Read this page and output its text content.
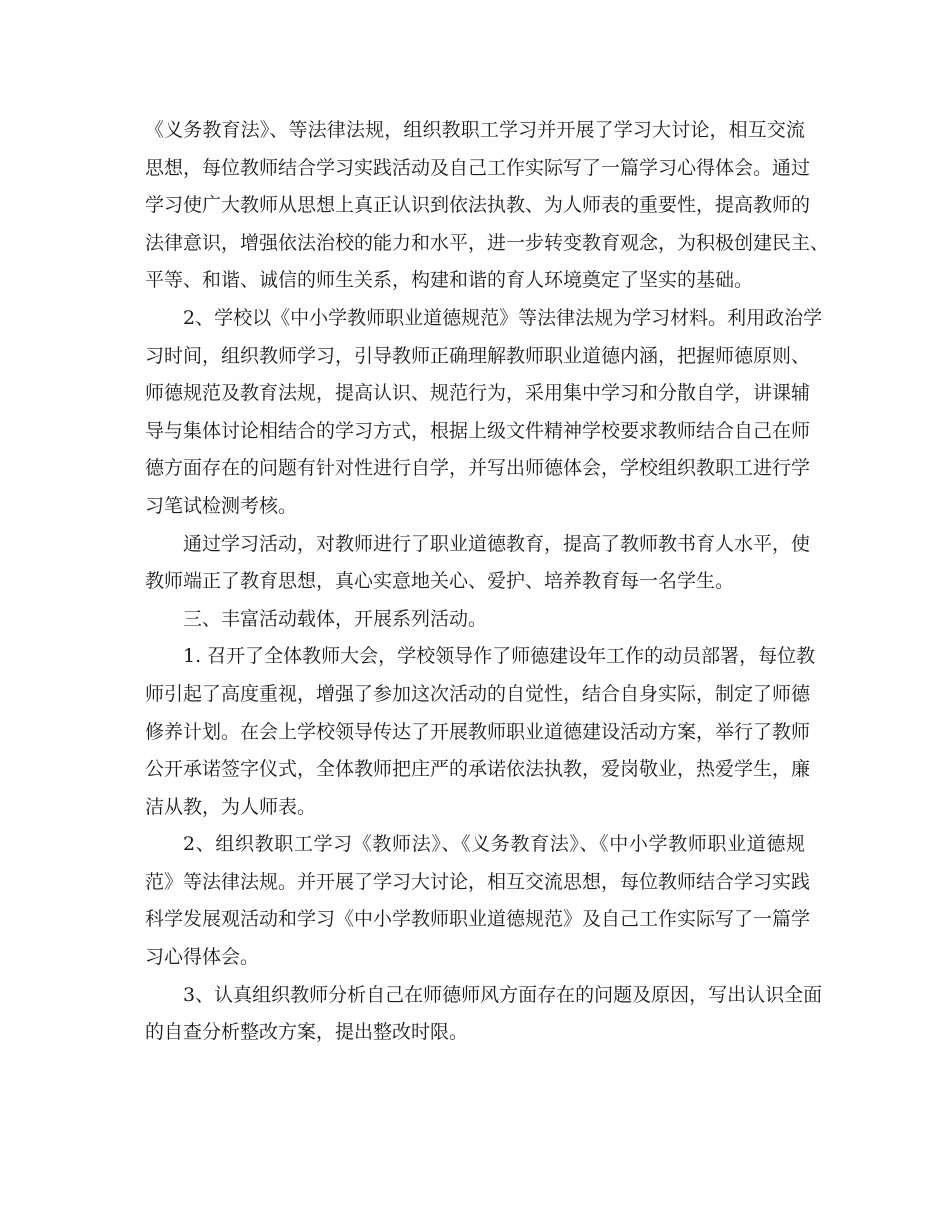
《义务教育法》、等法律法规，组织教职工学习并开展了学习大讨论，相互交流
思想，每位教师结合学习实践活动及自己工作实际写了一篇学习心得体会。通过
学习使广大教师从思想上真正认识到依法执教、为人师表的重要性，提高教师的
法律意识，增强依法治校的能力和水平，进一步转变教育观念，为积极创建民主、
平等、和谐、诚信的师生关系，构建和谐的育人环境奠定了坚实的基础。
2、学校以《中小学教师职业道德规范》等法律法规为学习材料。利用政治学
习时间，组织教师学习，引导教师正确理解教师职业道德内涵，把握师德原则、
师德规范及教育法规，提高认识、规范行为，采用集中学习和分散自学，讲课辅
导与集体讨论相结合的学习方式，根据上级文件精神学校要求教师结合自己在师
德方面存在的问题有针对性进行自学，并写出师德体会，学校组织教职工进行学
习笔试检测考核。
通过学习活动，对教师进行了职业道德教育，提高了教师教书育人水平，使
教师端正了教育思想，真心实意地关心、爱护、培养教育每一名学生。
三、丰富活动载体，开展系列活动。
1. 召开了全体教师大会，学校领导作了师德建设年工作的动员部署，每位教
师引起了高度重视，增强了参加这次活动的自觉性，结合自身实际，制定了师德
修养计划。在会上学校领导传达了开展教师职业道德建设活动方案，举行了教师
公开承诺签字仪式，全体教师把庄严的承诺依法执教，爱岗敬业，热爱学生，廉
洁从教，为人师表。
2、组织教职工学习《教师法》、《义务教育法》、《中小学教师职业道德规
范》等法律法规。并开展了学习大讨论，相互交流思想，每位教师结合学习实践
科学发展观活动和学习《中小学教师职业道德规范》及自己工作实际写了一篇学
习心得体会。
3、认真组织教师分析自己在师德师风方面存在的问题及原因，写出认识全面
的自查分析整改方案，提出整改时限。
